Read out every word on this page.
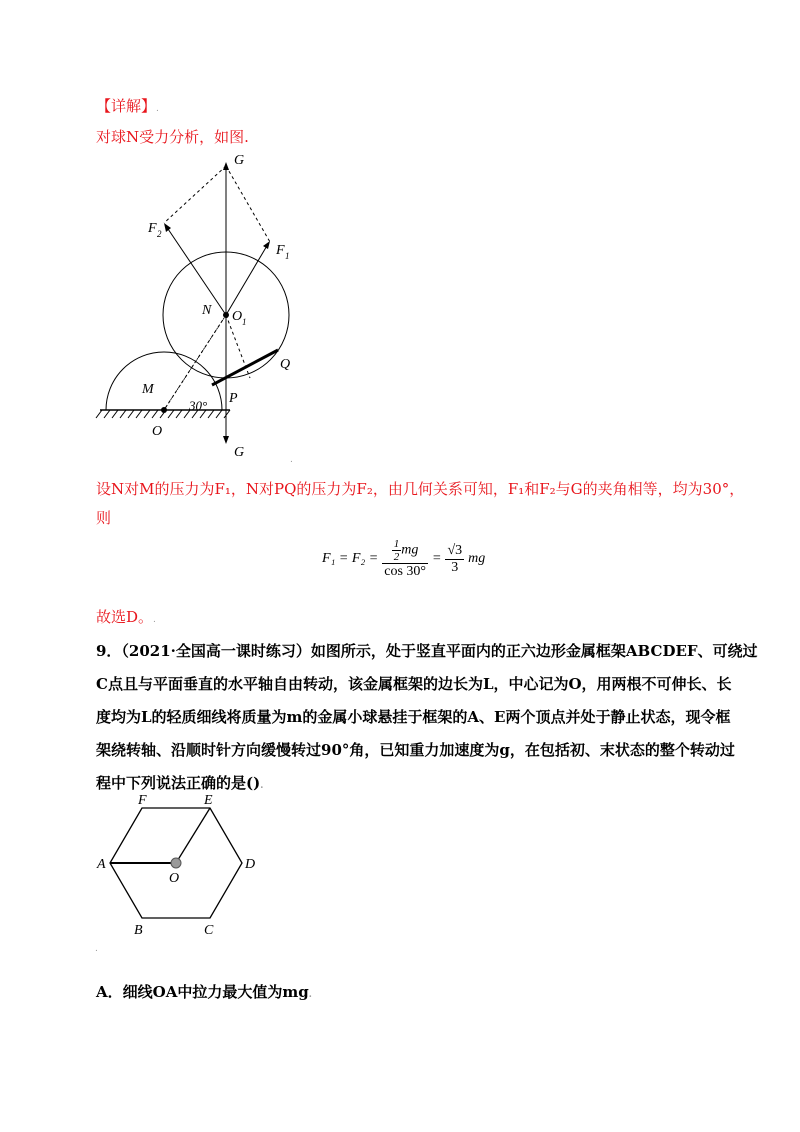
【详解】.
对球N受力分析，如图.
G
F 2
F 1
N O 1
Q
M
30° P
O
G	.
设N对M的压力为F₁，N对PQ的压力为F₂，由几何关系可知，F₁和F₂与G的夹角相等，均为30°，
则
$F_1 = F_2 = \frac{\frac{1}{2} mg}{\cos 30^\circ} = \frac{√3}{3}$ mg
故选D。.
9．（2021·全国高一课时练习）如图所示，处于竖直平面内的正六边形金属框架ABCDEF、可绕过
C点且与平面垂直的水平轴自由转动，该金属框架的边长为L，中心记为O，用两根不可伸长、长
度均为L的轻质细线将质量为m的金属小球悬挂于框架的A、E两个顶点并处于静止状态，现令框
架绕转轴、沿顺时针方向缓慢转过90°角，已知重力加速度为g，在包括初、末状态的整个转动过
程中下列说法正确的是().
F	E
A
O
D
B	C
.
A．细线OA中拉力最大值为mg.
